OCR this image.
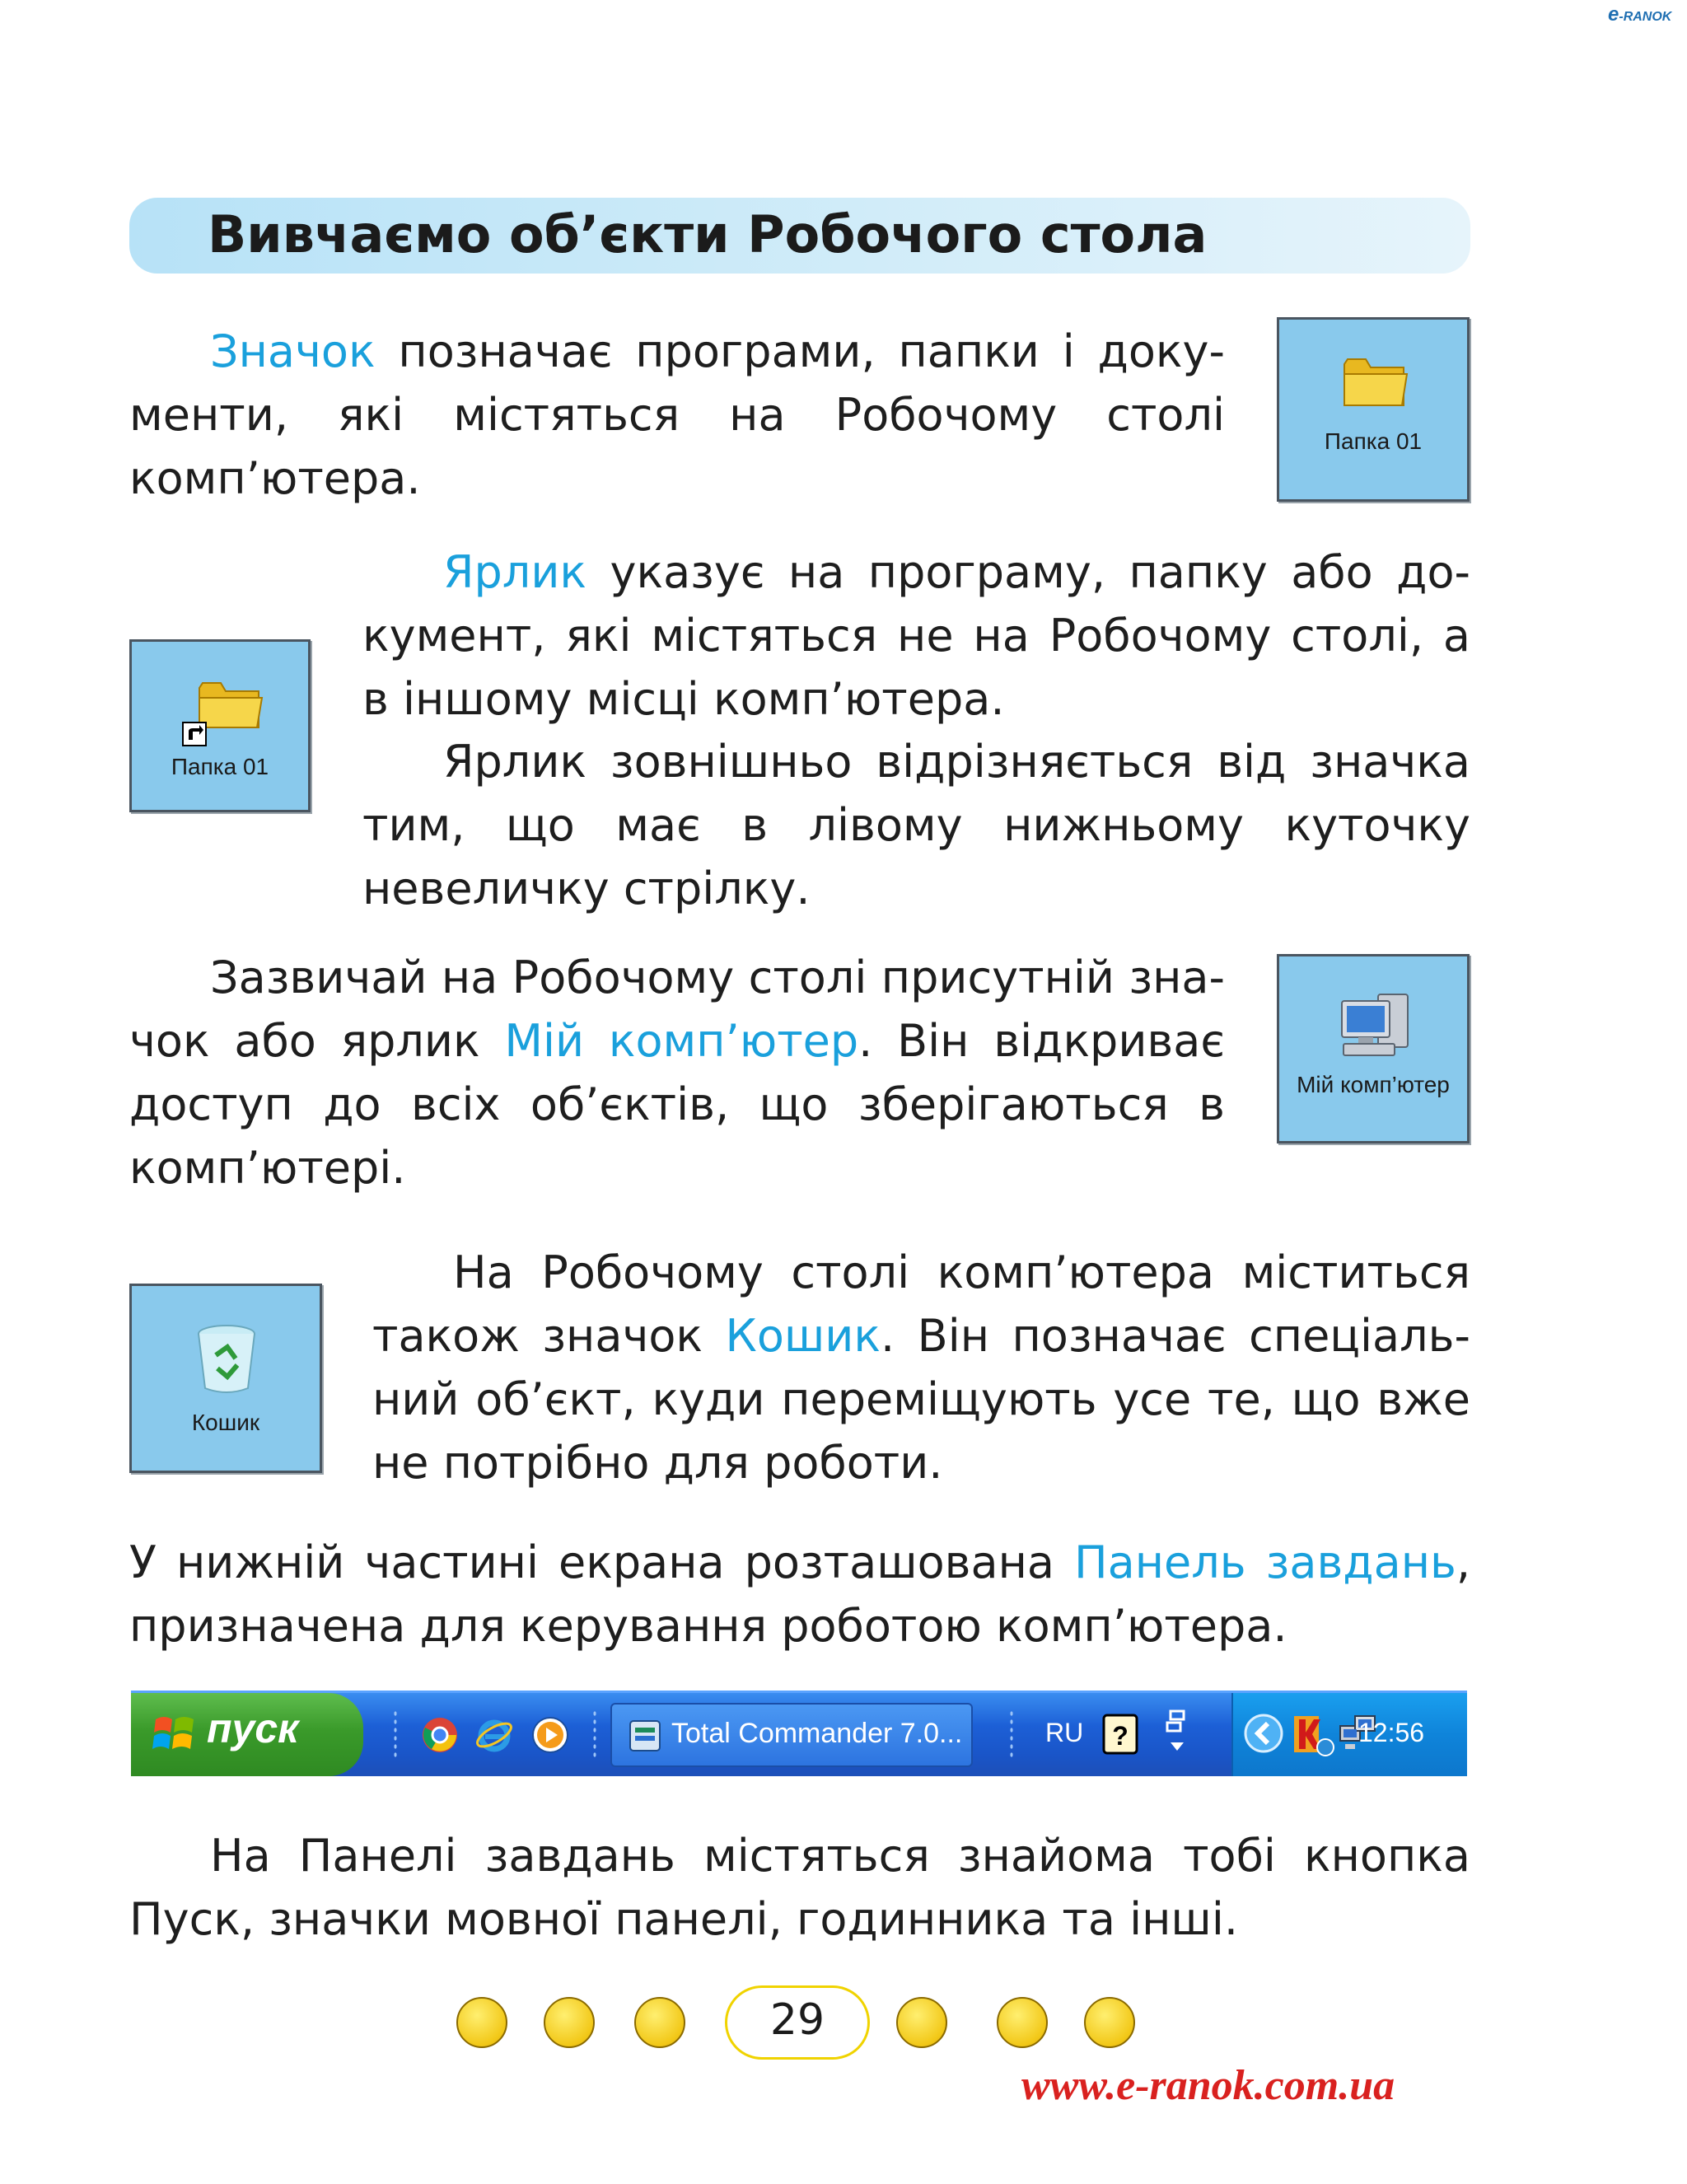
e-RANOK
Вивчаємо об’єкти Робочого стола

Значок позначає програми, папки і документи, які містяться на Робочому столі комп’ютера.

Папка 01

Ярлик указує на програму, папку або документ, які містяться не на Робочому столі, а в іншому місці комп’ютера.

Папка 01	Ярлик зовнішньо відрізняється від значка тим, що має в лівому нижньому куточку невеличку стрілку.

Зазвичай на Робочому столі присутній значок або ярлик Мій комп’ютер. Він відкриває доступ до всіх об’єктів, що зберігаються в комп’ютері.

Мій комп’ютер

На Робочому столі комп’ютера міститься також значок Кошик. Він позначає спеціальний об’єкт, куди переміщують усе те, що вже не потрібно для роботи.

Кошик

У нижній частині екрана розташована Панель завдань, призначена для керування роботою комп’ютера.

пуск	Total Commander 7.0...	RU ?	12:56

На Панелі завдань містяться знайома тобі кнопка Пуск, значки мовної панелі, годинника та інші.

29
www.e-ranok.com.ua
